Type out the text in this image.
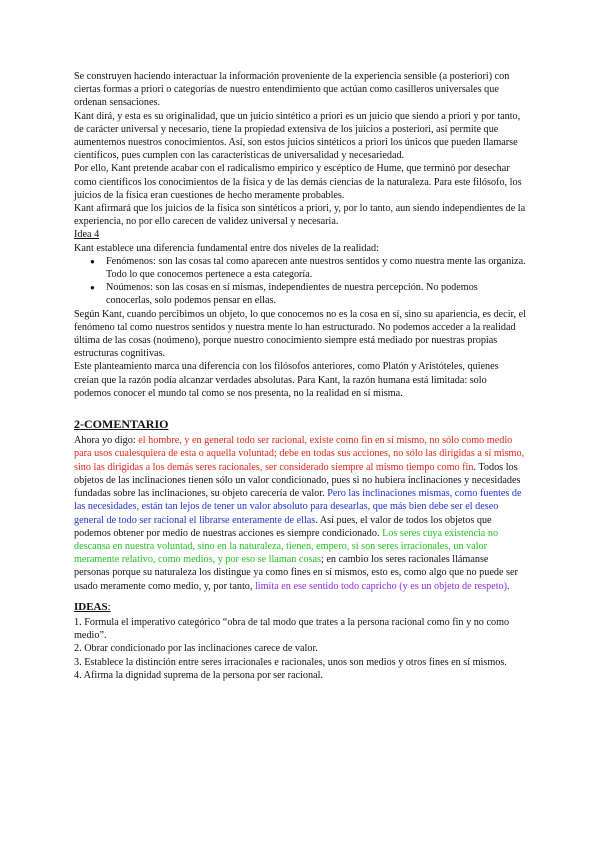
Se construyen haciendo interactuar la información proveniente de la experiencia sensible (a posteriori) con ciertas formas a priori o categorías de nuestro entendimiento que actúan como casilleros universales que ordenan sensaciones.

Kant dirá, y esta es su originalidad, que un juicio sintético a priori es un juicio que siendo a priori y por tanto, de carácter universal y necesario, tiene la propiedad extensiva de los juicios a posteriori, así permite que aumentemos nuestros conocimientos. Así, son estos juicios sintéticos a priori los únicos que pueden llamarse científicos, pues cumplen con las características de universalidad y necesariedad.

Por ello, Kant pretende acabar con el radicalismo empírico y escéptico de Hume, que terminó por desechar como científicos los conocimientos de la física y de las demás ciencias de la naturaleza. Para este filósofo, los juicios de la física eran cuestiones de hecho meramente probables.

Kant afirmará que los juicios de la física son sintéticos a priori, y, por lo tanto, aun siendo independientes de la experiencia, no por ello carecen de validez universal y necesaria.

Idea 4

Kant establece una diferencia fundamental entre dos niveles de la realidad:

● Fenómenos: son las cosas tal como aparecen ante nuestros sentidos y como nuestra mente las organiza. Todo lo que conocemos pertenece a esta categoría.
● Noúmenos: son las cosas en sí mismas, independientes de nuestra percepción. No podemos conocerlas, solo podemos pensar en ellas.

Según Kant, cuando percibimos un objeto, lo que conocemos no es la cosa en sí, sino su apariencia, es decir, el fenómeno tal como nuestros sentidos y nuestra mente lo han estructurado. No podemos acceder a la realidad última de las cosas (noúmeno), porque nuestro conocimiento siempre está mediado por nuestras propias estructuras cognitivas.

Este planteamiento marca una diferencia con los filósofos anteriores, como Platón y Aristóteles, quienes creían que la razón podía alcanzar verdades absolutas. Para Kant, la razón humana está limitada: solo podemos conocer el mundo tal como se nos presenta, no la realidad en sí misma.

2-COMENTARIO

Ahora yo digo: el hombre, y en general todo ser racional, existe como fin en sí mismo, no sólo como medio para usos cualesquiera de esta o aquella voluntad; debe en todas sus acciones, no sólo las dirigidas a sí mismo, sino las dirigidas a los demás seres racionales, ser considerado siempre al mismo tiempo como fin. Todos los objetos de las inclinaciones tienen sólo un valor condicionado, pues si no hubiera inclinaciones y necesidades fundadas sobre las inclinaciones, su objeto carecería de valor. Pero las inclinaciones mismas, como fuentes de las necesidades, están tan lejos de tener un valor absoluto para desearlas, que más bien debe ser el deseo general de todo ser racional el librarse enteramente de ellas. Así pues, el valor de todos los objetos que podemos obtener por medio de nuestras acciones es siempre condicionado. Los seres cuya existencia no descansa en nuestra voluntad, sino en la naturaleza, tienen, empero, si son seres irracionales, un valor meramente relativo, como medios, y por eso se llaman cosas; en cambio los seres racionales llámanse personas porque su naturaleza los distingue ya como fines en sí mismos, esto es, como algo que no puede ser usado meramente como medio, y, por tanto, limita en ese sentido todo capricho (y es un objeto de respeto).

IDEAS:

1. Formula el imperativo categórico “obra de tal modo que trates a la persona racional como fin y no como medio”.

2. Obrar condicionado por las inclinaciones carece de valor.

3. Establece la distinción entre seres irracionales e racionales, unos son medios y otros fines en sí mismos.

4. Afirma la dignidad suprema de la persona por ser racional.
